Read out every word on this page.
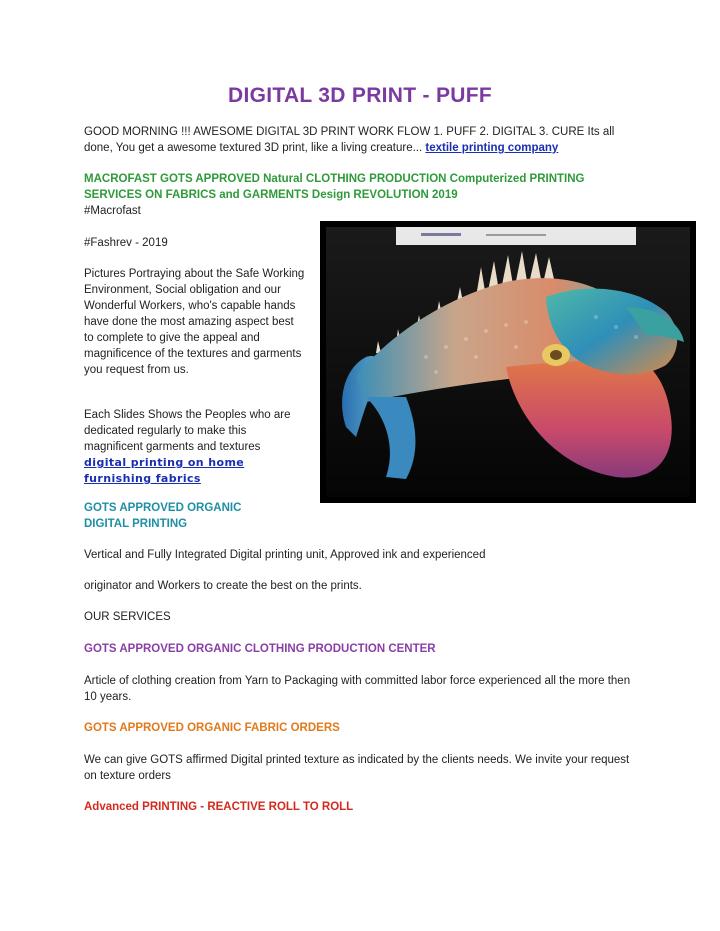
DIGITAL 3D PRINT - PUFF
GOOD MORNING !!! AWESOME DIGITAL 3D PRINT WORK FLOW 1. PUFF 2. DIGITAL 3. CURE Its all done, You get a awesome textured 3D print, like a living creature... textile printing company
MACROFAST GOTS APPROVED Natural CLOTHING PRODUCTION Computerized PRINTING SERVICES ON FABRICS and GARMENTS Design REVOLUTION 2019
#Macrofast
#Fashrev - 2019
Pictures Portraying about the Safe Working Environment, Social obligation and our Wonderful Workers, who's capable hands have done the most amazing aspect best to complete to give the appeal and magnificence of the textures and garments you request from us.
Each Slides Shows the Peoples who are dedicated regularly to make this magnificent garments and textures
digital printing on home furnishing fabrics
GOTS APPROVED ORGANIC DIGITAL PRINTING
Vertical and Fully Integrated Digital printing unit, Approved ink and experienced
originator and Workers to create the best on the prints.
OUR SERVICES
GOTS APPROVED ORGANIC CLOTHING PRODUCTION CENTER
Article of clothing creation from Yarn to Packaging with committed labor force experienced all the more then 10 years.
GOTS APPROVED ORGANIC FABRIC ORDERS
We can give GOTS affirmed Digital printed texture as indicated by the clients needs. We invite your request on texture orders
Advanced PRINTING - REACTIVE ROLL TO ROLL
